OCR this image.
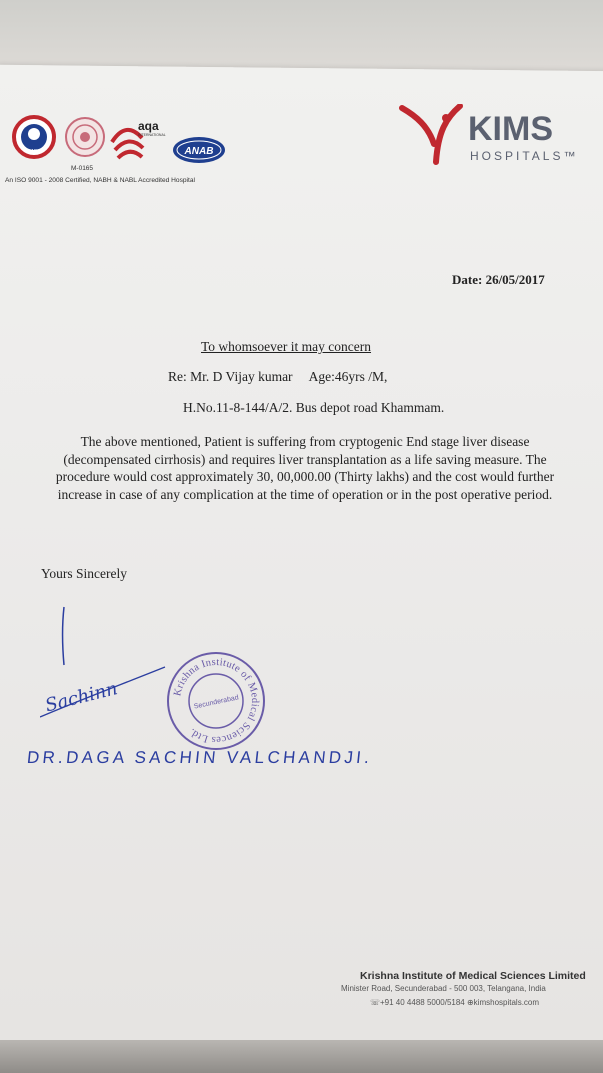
NABH
aqa
INTERNATIONAL
ANAB
M-0165
An ISO 9001 - 2008 Certified, NABH & NABL Accredited Hospital
KIMS
HOSPITALS™
Date: 26/05/2017
To whomsoever it may concern
Re: Mr. D Vijay kumar     Age:46yrs /M,
H.No.11-8-144/A/2. Bus depot road Khammam.
The above mentioned, Patient is suffering from cryptogenic End stage liver disease (decompensated cirrhosis) and requires liver transplantation as a life saving measure. The procedure would cost approximately 30, 00,000.00 (Thirty lakhs) and the cost would further increase in case of any complication at the time of operation or in the post operative period.
Yours Sincerely
Sachinn	Krishna Institute of Medical Sciences Ltd.
Secunderabad
DR.DAGA SACHIN VALCHANDJI.
Krishna Institute of Medical Sciences Limited
Minister Road, Secunderabad - 500 003, Telangana, India
☏+91 40 4488 5000/5184 ⊕kimshospitals.com
